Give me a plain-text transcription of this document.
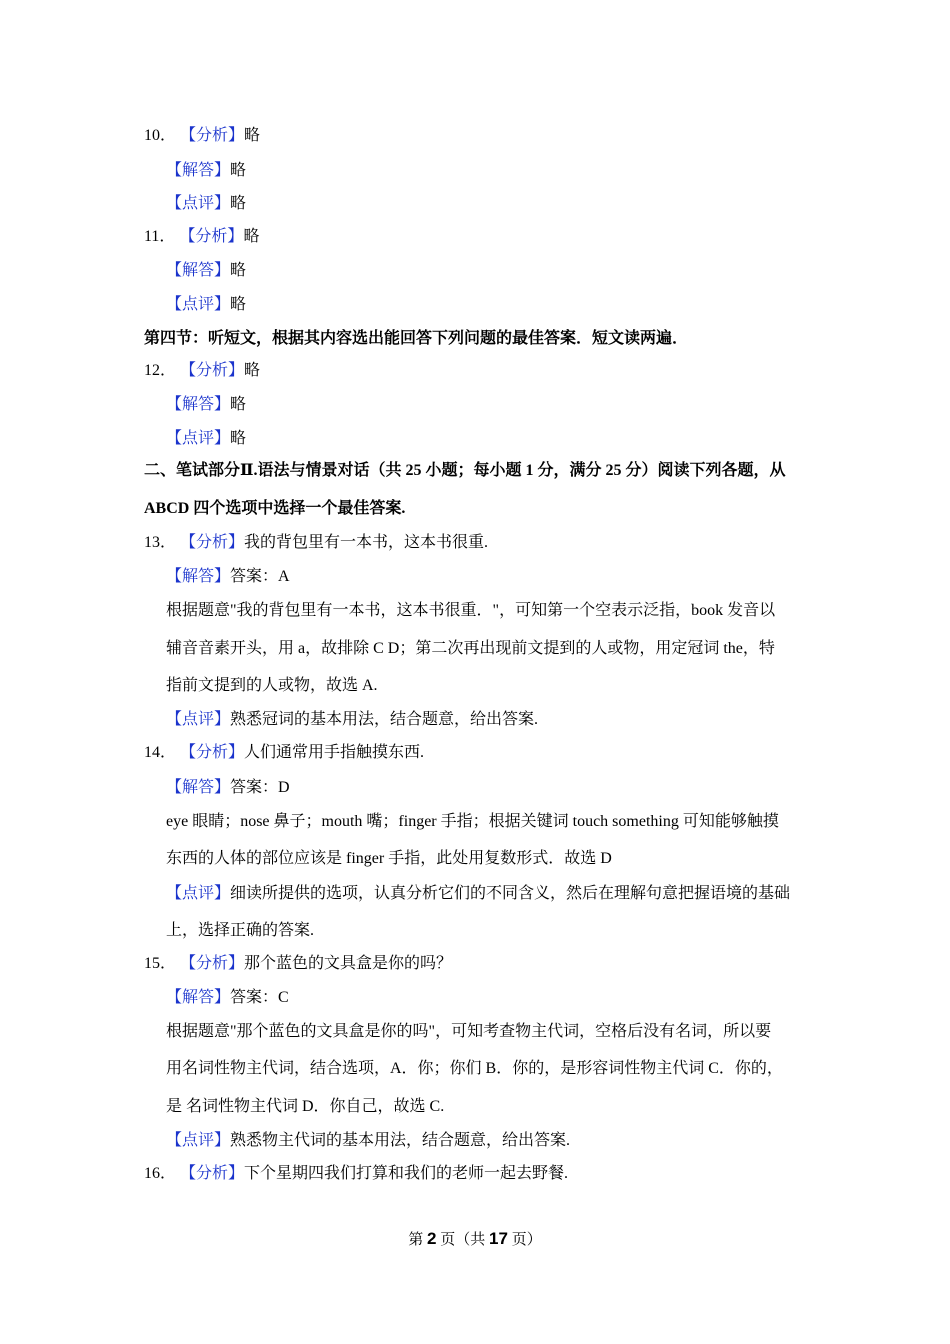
10． 【分析】略
【解答】略
【点评】略
11． 【分析】略
【解答】略
【点评】略
第四节：听短文，根据其内容选出能回答下列问题的最佳答案．短文读两遍．
12． 【分析】略
【解答】略
【点评】略
二、笔试部分Ⅱ.语法与情景对话（共 25 小题；每小题 1 分，满分 25 分）阅读下列各题，从
ABCD 四个选项中选择一个最佳答案.
13． 【分析】我的背包里有一本书，这本书很重.
【解答】答案：A
根据题意"我的背包里有一本书，这本书很重．"，可知第一个空表示泛指，book 发音以
辅音音素开头，用 a，故排除 C D；第二次再出现前文提到的人或物，用定冠词 the，特
指前文提到的人或物，故选 A.
【点评】熟悉冠词的基本用法，结合题意，给出答案.
14． 【分析】人们通常用手指触摸东西.
【解答】答案：D
eye 眼睛；nose 鼻子；mouth 嘴；finger 手指；根据关键词 touch something 可知能够触摸
东西的人体的部位应该是 finger 手指，此处用复数形式．故选 D
【点评】细读所提供的选项，认真分析它们的不同含义，然后在理解句意把握语境的基础
上，选择正确的答案.
15． 【分析】那个蓝色的文具盒是你的吗？
【解答】答案：C
根据题意"那个蓝色的文具盒是你的吗"，可知考查物主代词，空格后没有名词，所以要
用名词性物主代词，结合选项，A．你；你们 B．你的，是形容词性物主代词 C．你的，
是 名词性物主代词 D．你自己，故选 C.
【点评】熟悉物主代词的基本用法，结合题意，给出答案.
16． 【分析】下个星期四我们打算和我们的老师一起去野餐.
第 2 页（共 17 页）
